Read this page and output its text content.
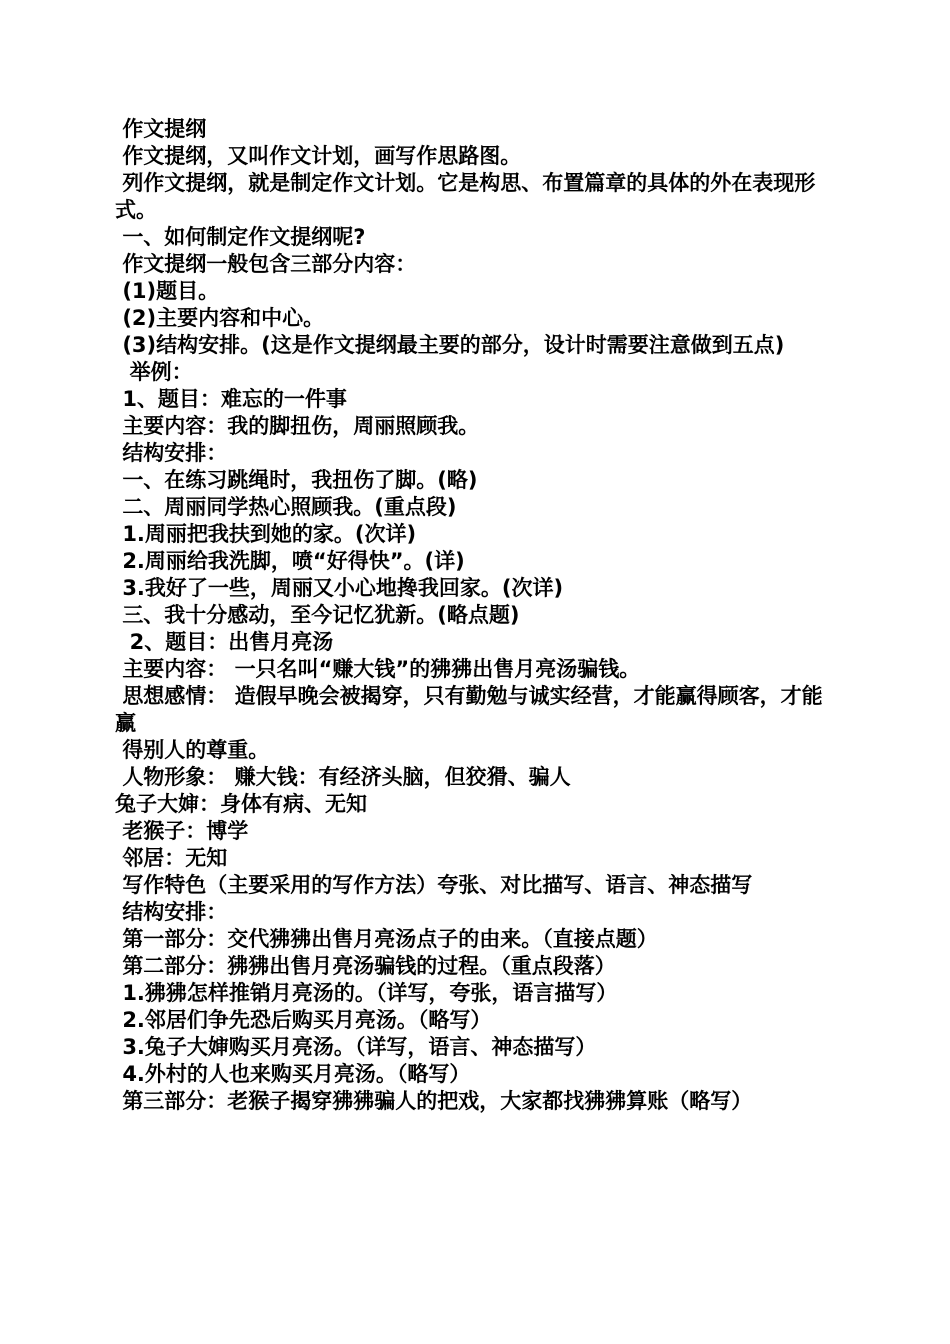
作文提纲
作文提纲，又叫作文计划，画写作思路图。
列作文提纲，就是制定作文计划。它是构思、布置篇章的具体的外在表现形式。
一、如何制定作文提纲呢?
作文提纲一般包含三部分内容：
(1)题目。
(2)主要内容和中心。
(3)结构安排。(这是作文提纲最主要的部分，设计时需要注意做到五点)
举例：
1、题目：难忘的一件事
主要内容：我的脚扭伤，周丽照顾我。
结构安排：
一、在练习跳绳时，我扭伤了脚。(略)
二、周丽同学热心照顾我。(重点段)
1.周丽把我扶到她的家。(次详)
2.周丽给我洗脚，喷“好得快”。(详)
3.我好了一些，周丽又小心地搀我回家。(次详)
三、我十分感动，至今记忆犹新。(略点题)
2、题目：出售月亮汤
主要内容： 一只名叫“赚大钱”的狒狒出售月亮汤骗钱。
思想感情： 造假早晚会被揭穿，只有勤勉与诚实经营，才能赢得顾客，才能赢
得别人的尊重。
人物形象： 赚大钱：有经济头脑，但狡猾、骗人
兔子大婶：身体有病、无知
老猴子：博学
邻居：无知
写作特色（主要采用的写作方法）夸张、对比描写、语言、神态描写
结构安排：
第一部分：交代狒狒出售月亮汤点子的由来。（直接点题）
第二部分：狒狒出售月亮汤骗钱的过程。（重点段落）
1.狒狒怎样推销月亮汤的。（详写，夸张，语言描写）
2.邻居们争先恐后购买月亮汤。（略写）
3.兔子大婶购买月亮汤。（详写，语言、神态描写）
4.外村的人也来购买月亮汤。（略写）
第三部分：老猴子揭穿狒狒骗人的把戏，大家都找狒狒算账（略写）
